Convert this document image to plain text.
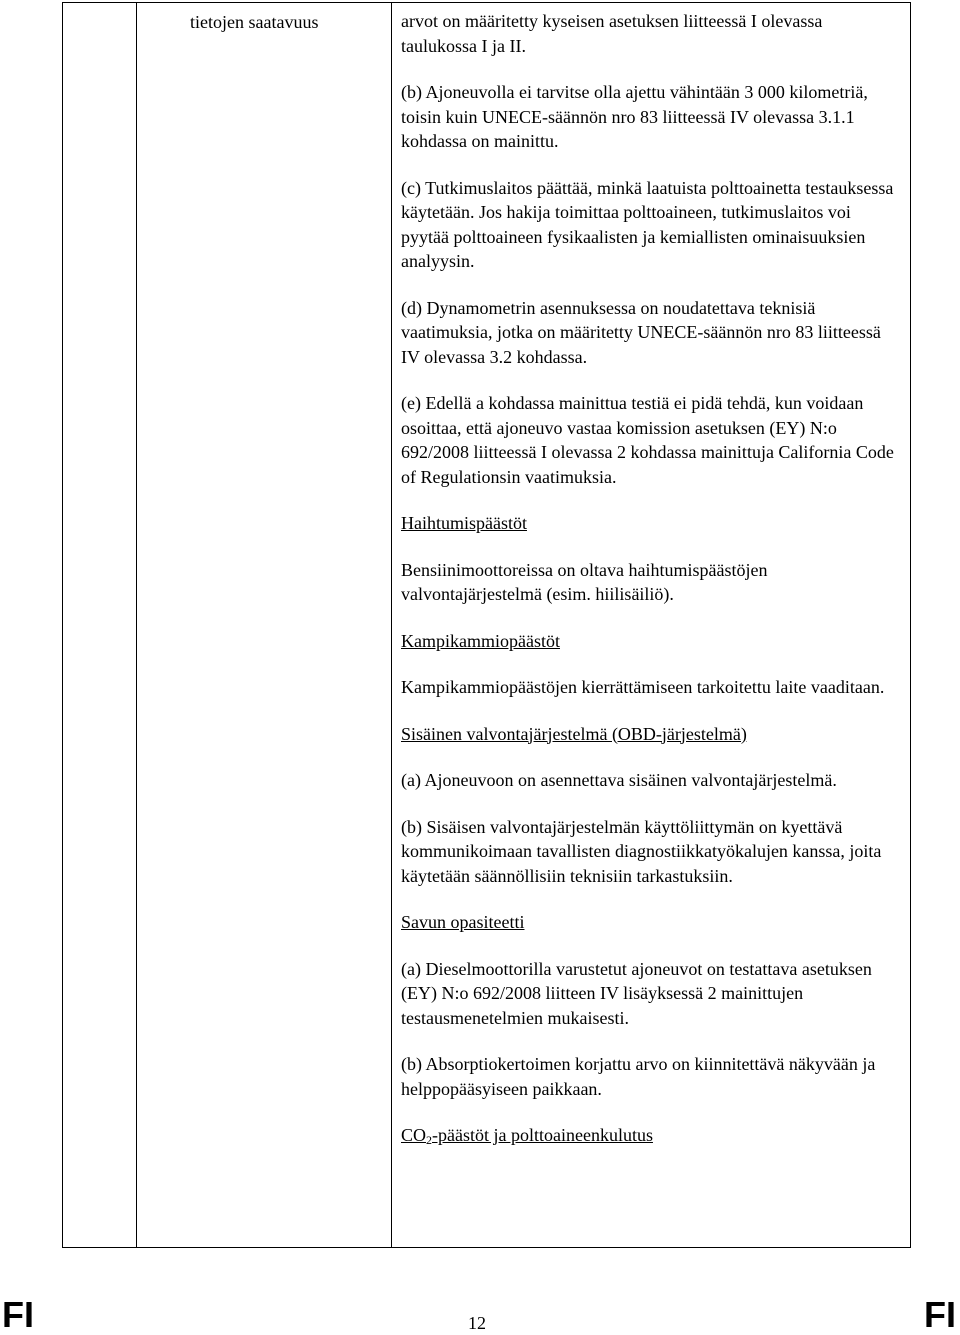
tietojen saatavuus	arvot on määritetty kyseisen asetuksen liitteessä I olevassa taulukossa I ja II.

(b) Ajoneuvolla ei tarvitse olla ajettu vähintään 3 000 kilometriä, toisin kuin UNECE-säännön nro 83 liitteessä IV olevassa 3.1.1 kohdassa on mainittu.

(c) Tutkimuslaitos päättää, minkä laatuista polttoainetta testauksessa käytetään. Jos hakija toimittaa polttoaineen, tutkimuslaitos voi pyytää polttoaineen fysikaalisten ja kemiallisten ominaisuuksien analyysin.

(d) Dynamometrin asennuksessa on noudatettava teknisiä vaatimuksia, jotka on määritetty UNECE-säännön nro 83 liitteessä IV olevassa 3.2 kohdassa.

(e) Edellä a kohdassa mainittua testiä ei pidä tehdä, kun voidaan osoittaa, että ajoneuvo vastaa komission asetuksen (EY) N:o 692/2008 liitteessä I olevassa 2 kohdassa mainittuja California Code of Regulationsin vaatimuksia.

Haihtumispäästöt

Bensiinimoottoreissa on oltava haihtumispäästöjen valvontajärjestelmä (esim. hiilisäiliö).

Kampikammiopäästöt

Kampikammiopäästöjen kierrättämiseen tarkoitettu laite vaaditaan.

Sisäinen valvontajärjestelmä (OBD-järjestelmä)

(a) Ajoneuvoon on asennettava sisäinen valvontajärjestelmä.

(b) Sisäisen valvontajärjestelmän käyttöliittymän on kyettävä kommunikoimaan tavallisten diagnostiikkatyökalujen kanssa, joita käytetään säännöllisiin teknisiin tarkastuksiin.

Savun opasiteetti

(a) Dieselmoottorilla varustetut ajoneuvot on testattava asetuksen (EY) N:o 692/2008 liitteen IV lisäyksessä 2 mainittujen testausmenetelmien mukaisesti.

(b) Absorptiokertoimen korjattu arvo on kiinnitettävä näkyvään ja helppopääsyiseen paikkaan.

$CO_2$-päästöt ja polttoaineenkulutus

FI	12	FI
